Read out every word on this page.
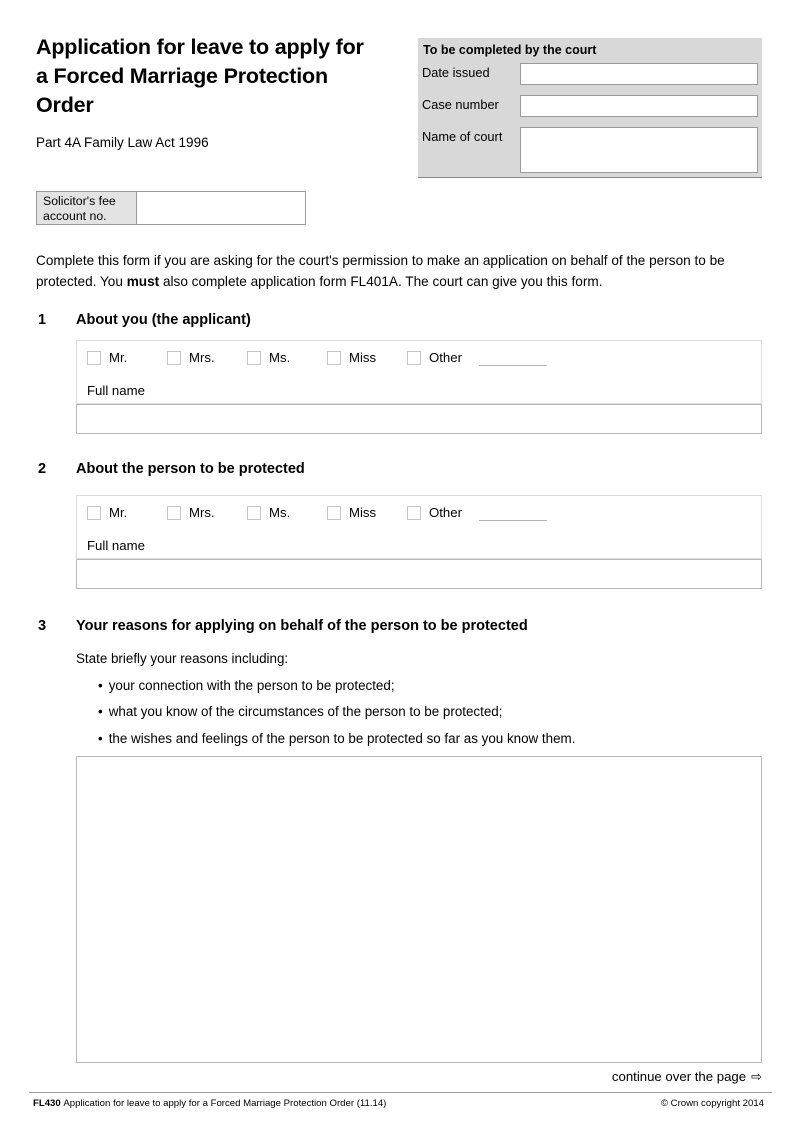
Application for leave to apply for a Forced Marriage Protection Order
Part 4A Family Law Act 1996
To be completed by the court
Date issued
Case number
Name of court
Solicitor's fee
account no.
Complete this form if you are asking for the court's permission to make an application on behalf of the person to be protected. You must also complete application form FL401A. The court can give you this form.
1 About you (the applicant)
Mr.	Mrs.	Ms.	Miss	Other
Full name
2 About the person to be protected
Mr.	Mrs.	Ms.	Miss	Other
Full name
3 Your reasons for applying on behalf of the person to be protected
State briefly your reasons including:
• your connection with the person to be protected;
• what you know of the circumstances of the person to be protected;
• the wishes and feelings of the person to be protected so far as you know them.
continue over the page ⇨
FL430 Application for leave to apply for a Forced Marriage Protection Order (11.14)	© Crown copyright 2014
